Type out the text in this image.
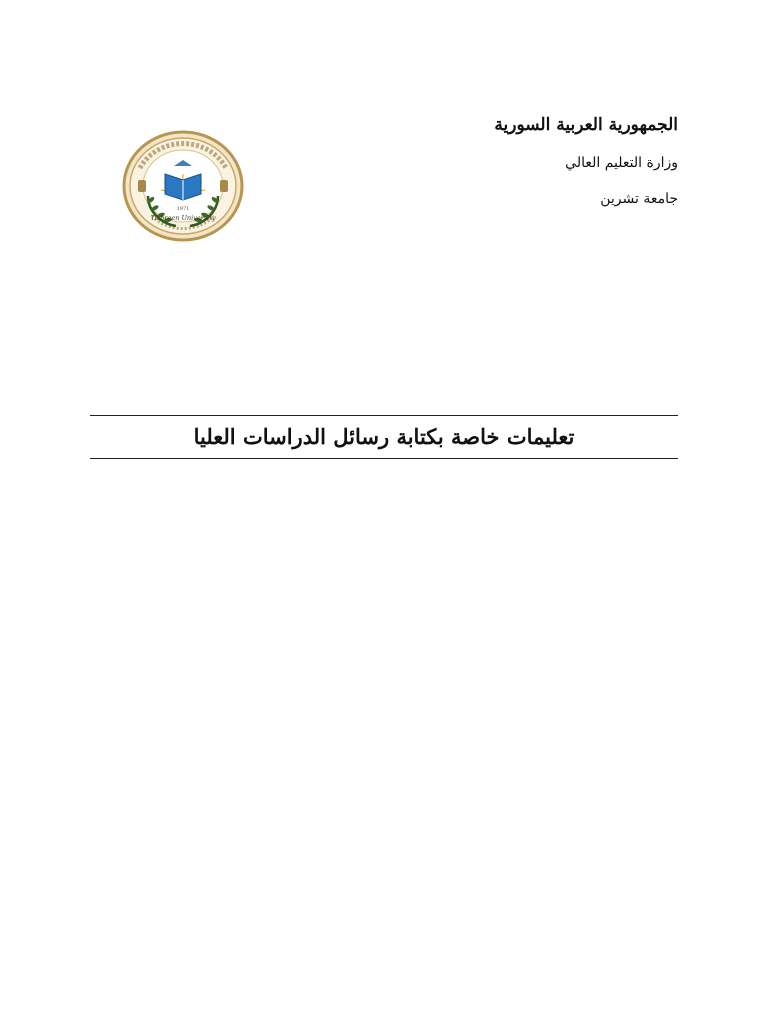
الجمهورية العربية السورية

وزارة التعليم العالي

جامعة تشرين

1971
Tishreen University
تعليمات خاصة بكتابة رسائل الدراسات العليا
